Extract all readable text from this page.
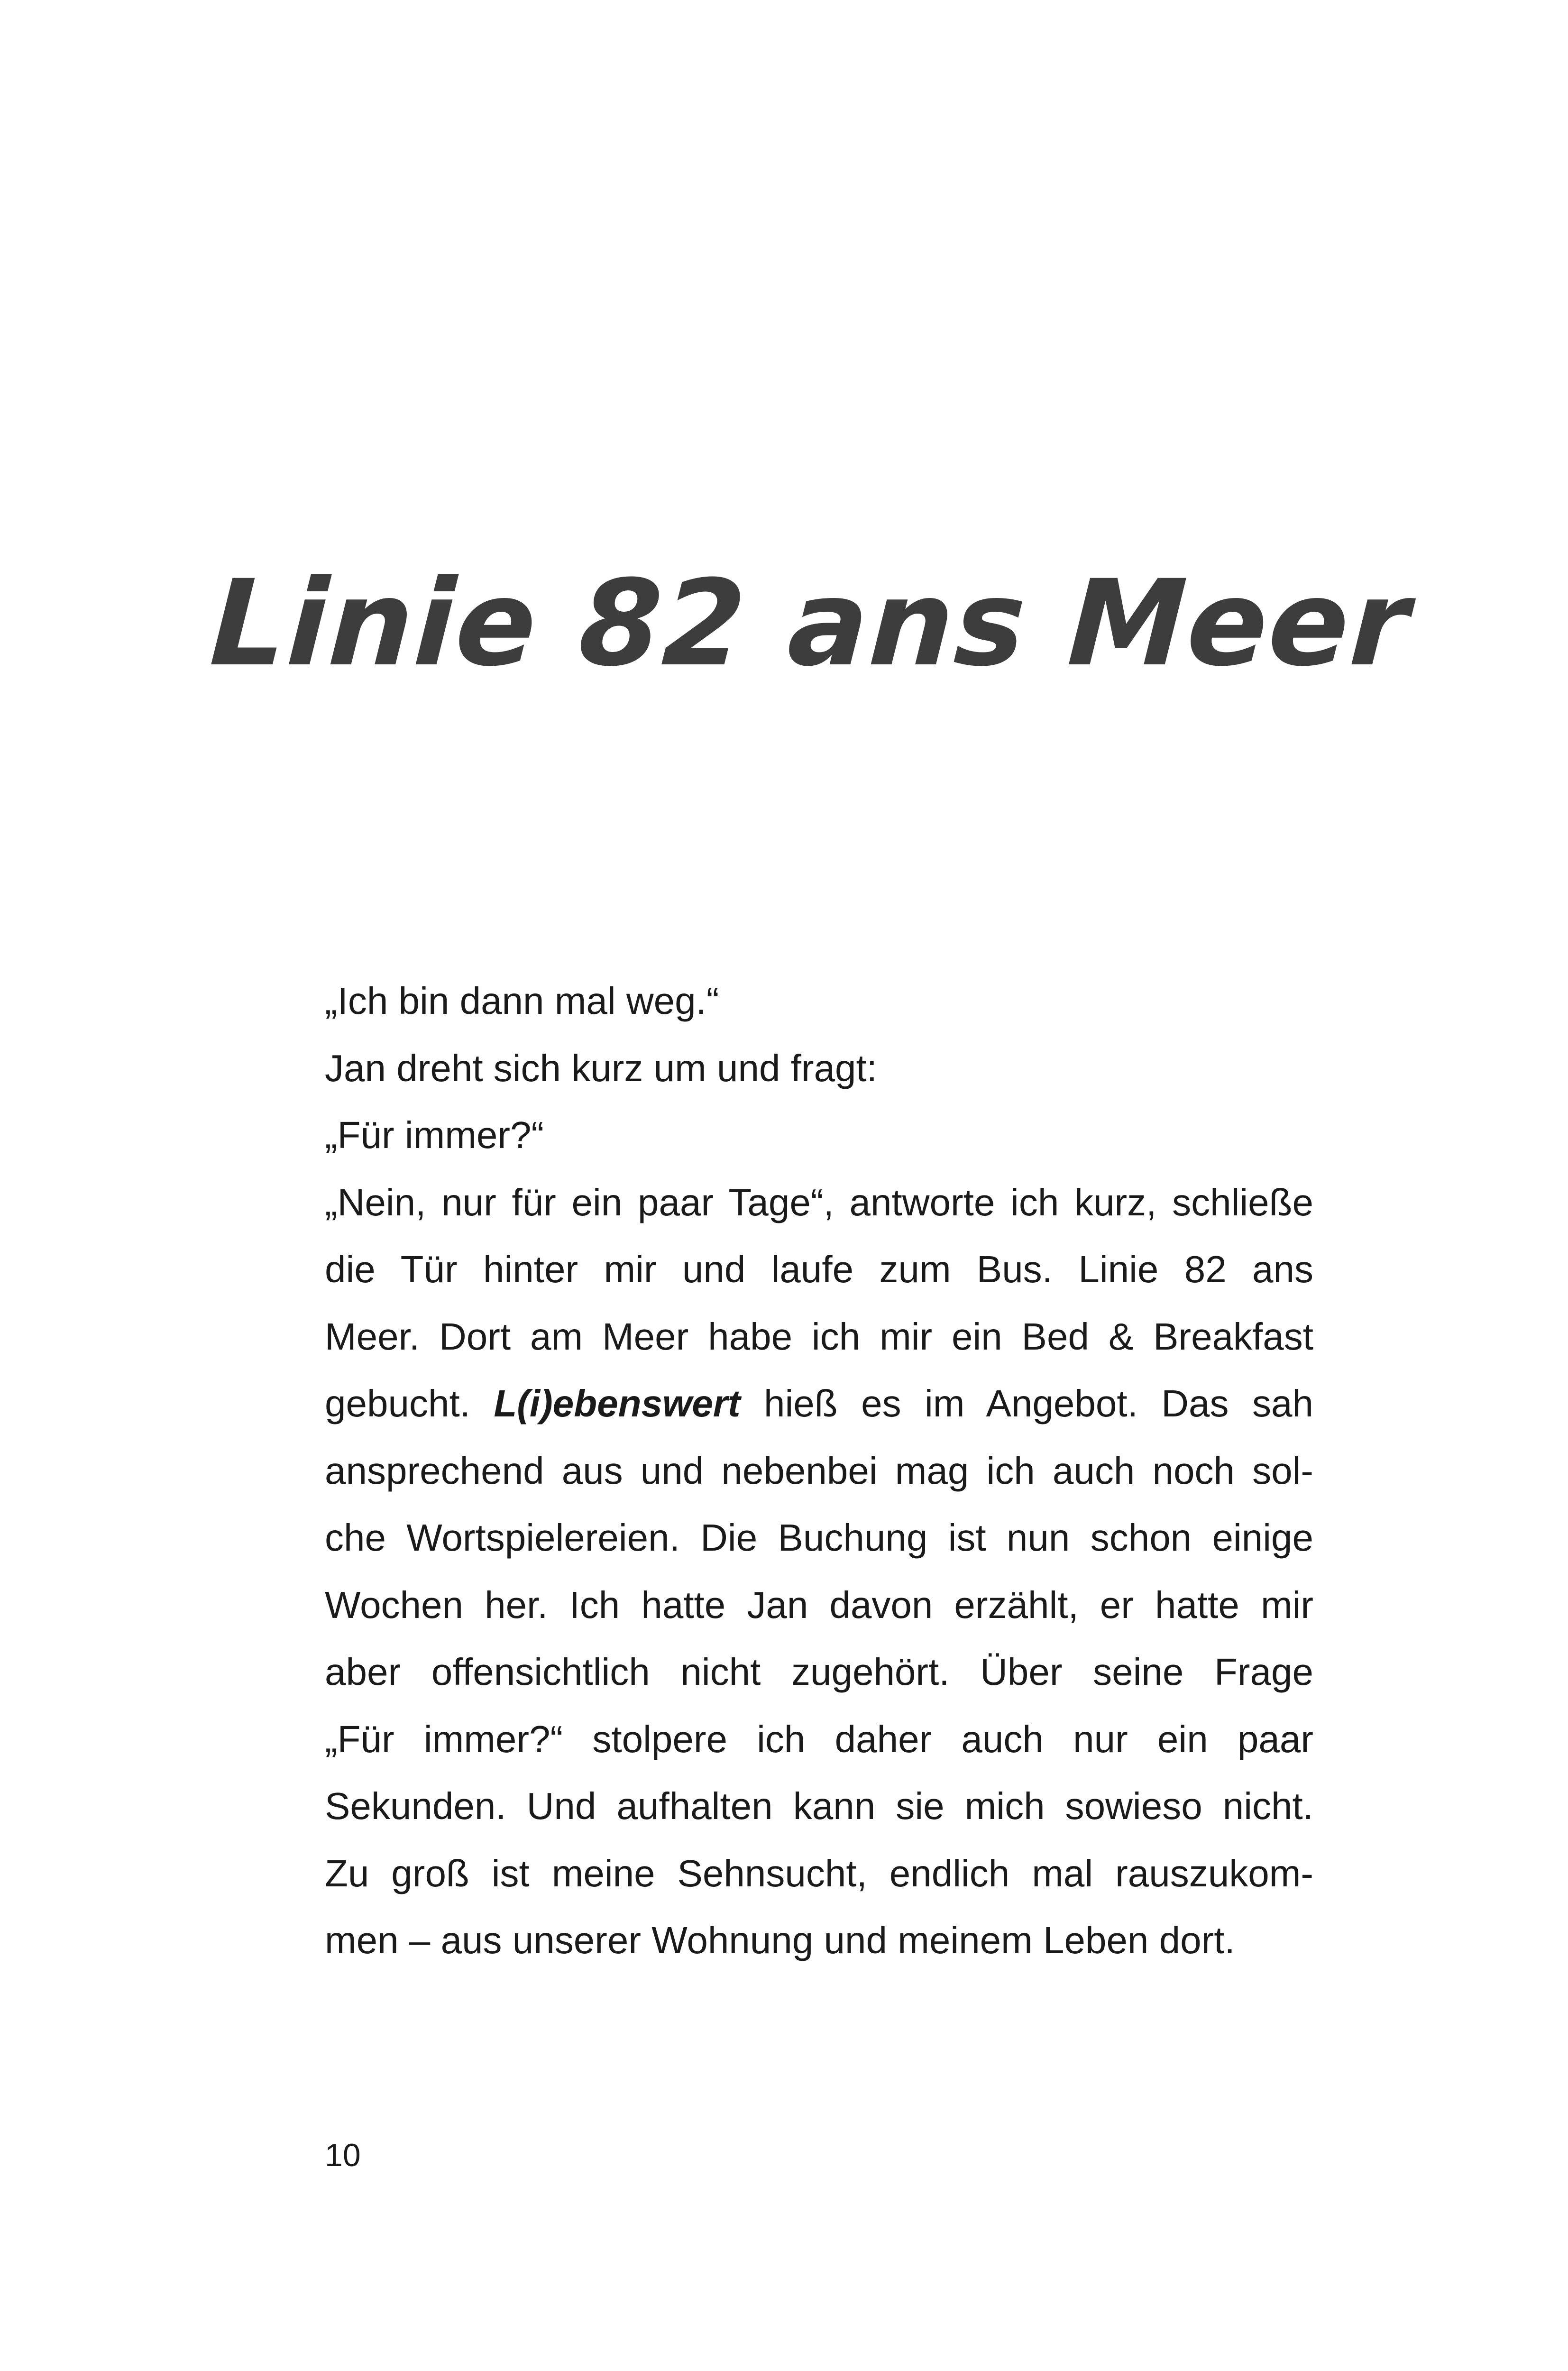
Linie 82 ans Meer
„Ich bin dann mal weg.“
Jan dreht sich kurz um und fragt:
„Für immer?“
„Nein, nur für ein paar Tage“, antworte ich kurz, schließe
die Tür hinter mir und laufe zum Bus. Linie 82 ans
Meer. Dort am Meer habe ich mir ein Bed & Breakfast
gebucht. L(i)ebenswert hieß es im Angebot. Das sah
ansprechend aus und nebenbei mag ich auch noch sol-
che Wortspielereien. Die Buchung ist nun schon einige
Wochen her. Ich hatte Jan davon erzählt, er hatte mir
aber offensichtlich nicht zugehört. Über seine Frage
„Für immer?“ stolpere ich daher auch nur ein paar
Sekunden. Und aufhalten kann sie mich sowieso nicht.
Zu groß ist meine Sehnsucht, endlich mal rauszukom-
men – aus unserer Wohnung und meinem Leben dort.
10
